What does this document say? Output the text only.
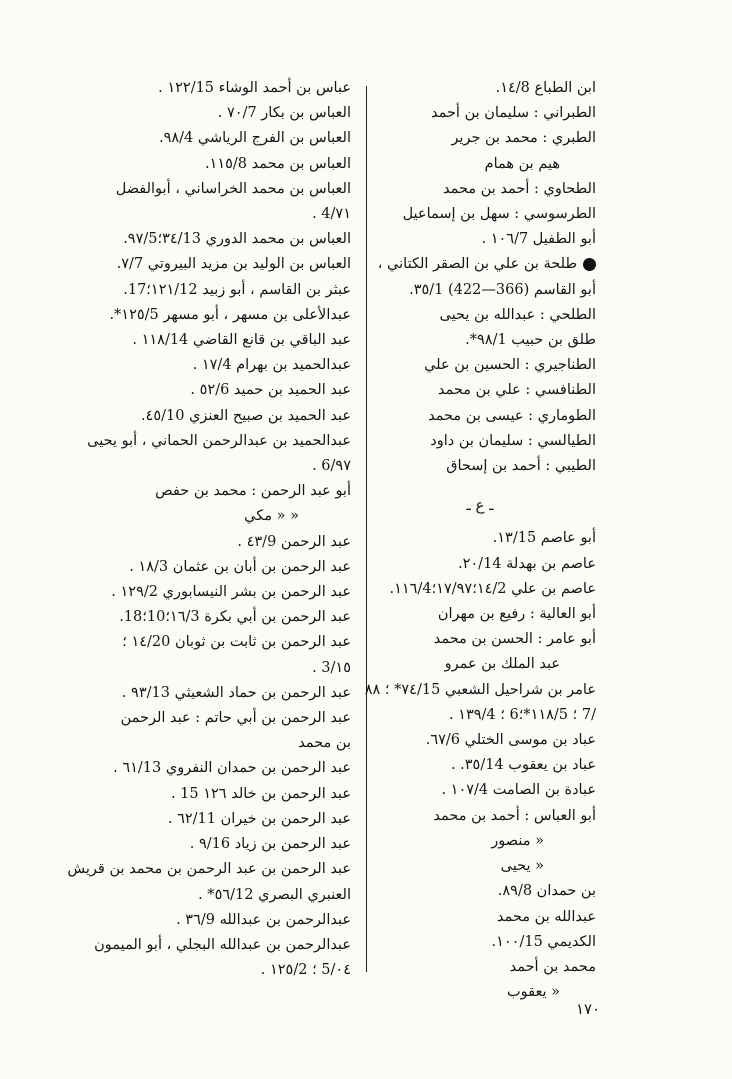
ابن الطباع ١٤/8.
الطبراني : سليمان بن أحمد
الطبري : محمد بن جرير
هيم بن همام
الطحاوي : أحمد بن محمد
الطرسوسي : سهل بن إسماعيل
أبو الطفيل ١٠٦/7 .
طلحة بن علي بن الصقر الكتاني ،
أبو القاسم (366—422) ٣٥/1.
الطلحي : عبدالله بن يحيى
طلق بن حبيب ٩٨/1*.
الطناجيري : الحسين بن علي
الطنافسي : علي بن محمد
الطوماري : عيسى بن محمد
الطيالسي : سليمان بن داود
الطيبي : أحمد بن إسحاق
ـ ع ـ
أبو عاصم ١٣/15.
عاصم بن بهدلة ٢٠/14.
عاصم بن علي ١٤/2؛١٧/٩٧؛١١٦/4.
أبو العالية : رفيع بن مهران
أبو عامر : الحسن بن محمد
عبد الملك بن عمرو
عامر بن شراحيل الشعبي ٧٤/15* ؛ ٨٨
/7 ؛ ١١٨/5*؛6 ؛ ١٣٩/4 .
عباد بن موسى الختلي ٦٧/6.
عباد بن يعقوب ٣٥/14. .
عبادة بن الصامت ١٠٧/4 .
أبو العباس : أحمد بن محمد
« منصور
« يحيى
بن حمدان ٨٩/8.
عبدالله بن محمد
الكديمي ١٠٠/15.
محمد بن أحمد
« يعقوب
عباس بن أحمد الوشاء ١٢٢/15 .
العباس بن بكار ٧٠/7 .
العباس بن الفرج الرياشي ٩٨/4.
العباس بن محمد ١١٥/8.
العباس بن محمد الخراساني ، أبوالفضل
٧١/4 .
العباس بن محمد الدوري ٣٤/13؛٩٧/5.
العباس بن الوليد بن مزيد البيروتي ٧/7.
عبثر بن القاسم ، أبو زبيد ١٢١/12؛17.
عبدالأعلى بن مسهر ، أبو مسهر ١٢٥/5*.
عبد الباقي بن قانع القاضي ١١٨/14 .
عبدالحميد بن بهرام ١٧/4 .
عبد الحميد بن حميد ٥٢/6 .
عبد الحميد بن صبيح العنزي ٤٥/10.
عبدالحميد بن عبدالرحمن الحماني ، أبو يحيى
٩٧/6 .
أبو عبد الرحمن : محمد بن حفص
« « مكي
عبد الرحمن ٤٣/9 .
عبد الرحمن بن أبان بن عثمان ١٨/3 .
عبد الرحمن بن بشر النيسابوري ١٢٩/2 .
عبد الرحمن بن أبي بكرة ١٦/3؛10؛18.
عبد الرحمن بن ثابت بن ثوبان ١٤/20 ؛
١٥/3 .
عبد الرحمن بن حماد الشعيثي ٩٣/13 .
عبد الرحمن بن أبي حاتم : عبد الرحمن
بن محمد
عبد الرحمن بن حمدان النفروي ٦١/13 .
عبد الرحمن بن خالد ١٢٦ 15 .
عبد الرحمن بن خيران ٦٢/11 .
عبد الرحمن بن زياد ٩/16 .
عبد الرحمن بن عبد الرحمن بن محمد بن قريش
العنبري البصري ٥٦/12* .
عبدالرحمن بن عبدالله ٣٦/9 .
عبدالرحمن بن عبدالله البجلي ، أبو الميمون
٠٤/5 ؛ ١٢٥/2 .
١٧٠
